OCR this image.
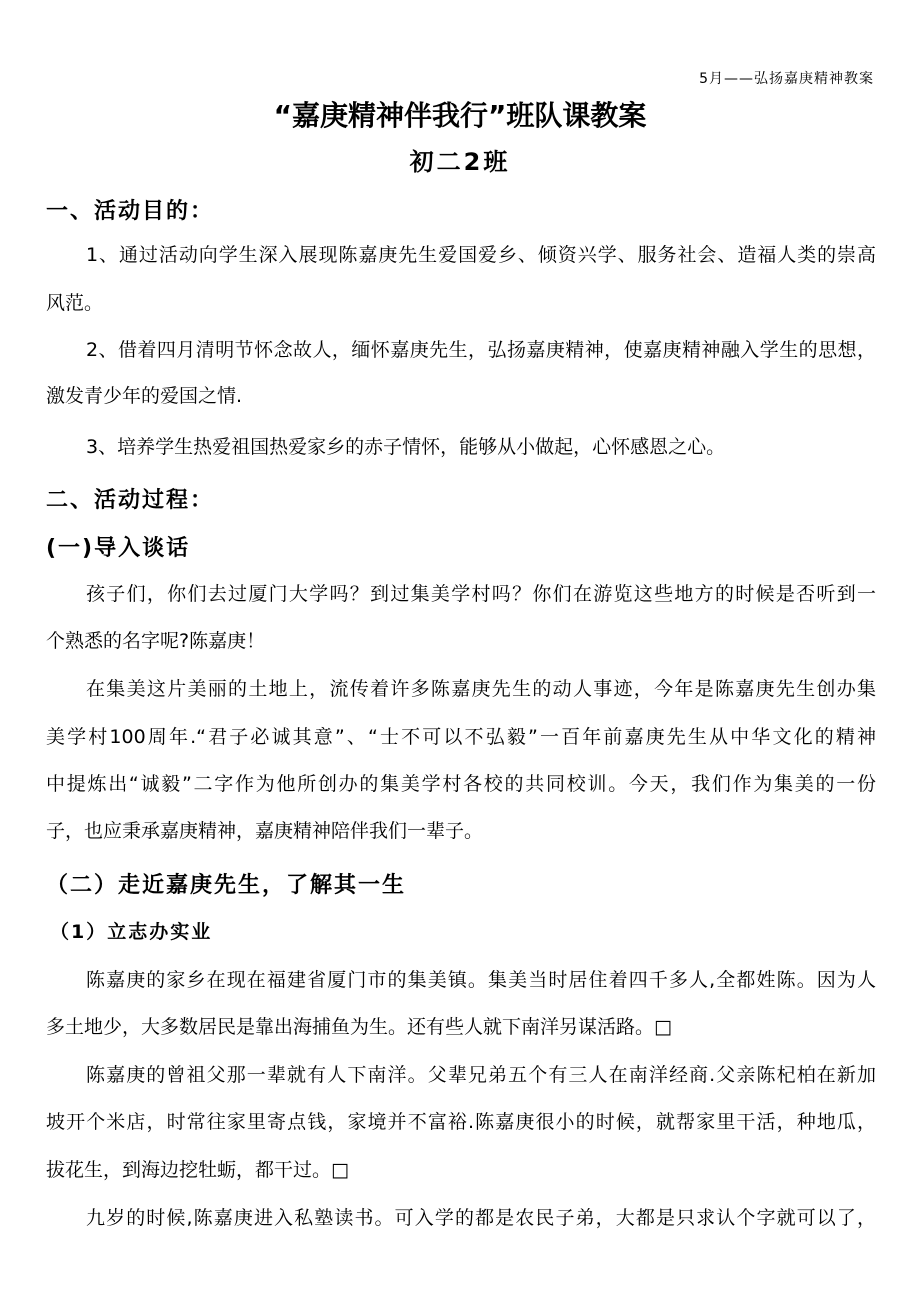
5月——弘扬嘉庚精神教案
“嘉庚精神伴我行”班队课教案
初二2班
一、活动目的：
1、通过活动向学生深入展现陈嘉庚先生爱国爱乡、倾资兴学、服务社会、造福人类的崇高
风范。
2、借着四月清明节怀念故人，缅怀嘉庚先生，弘扬嘉庚精神，使嘉庚精神融入学生的思想，
激发青少年的爱国之情.
3、培养学生热爱祖国热爱家乡的赤子情怀，能够从小做起，心怀感恩之心。
二、活动过程：
(一)导入谈话
孩子们，你们去过厦门大学吗？到过集美学村吗？你们在游览这些地方的时候是否听到一
个熟悉的名字呢?陈嘉庚！
在集美这片美丽的土地上，流传着许多陈嘉庚先生的动人事迹，今年是陈嘉庚先生创办集
美学村100周年.“君子必诚其意”、“士不可以不弘毅”一百年前嘉庚先生从中华文化的精神
中提炼出“诚毅”二字作为他所创办的集美学村各校的共同校训。今天，我们作为集美的一份
子，也应秉承嘉庚精神，嘉庚精神陪伴我们一辈子。
（二）走近嘉庚先生，了解其一生
（1）立志办实业
陈嘉庚的家乡在现在福建省厦门市的集美镇。集美当时居住着四千多人,全都姓陈。因为人
多土地少，大多数居民是靠出海捕鱼为生。还有些人就下南洋另谋活路。□
陈嘉庚的曾祖父那一辈就有人下南洋。父辈兄弟五个有三人在南洋经商.父亲陈杞柏在新加
坡开个米店，时常往家里寄点钱，家境并不富裕.陈嘉庚很小的时候，就帮家里干活，种地瓜，
拔花生，到海边挖牡蛎，都干过。□
九岁的时候,陈嘉庚进入私塾读书。可入学的都是农民子弟，大都是只求认个字就可以了，
